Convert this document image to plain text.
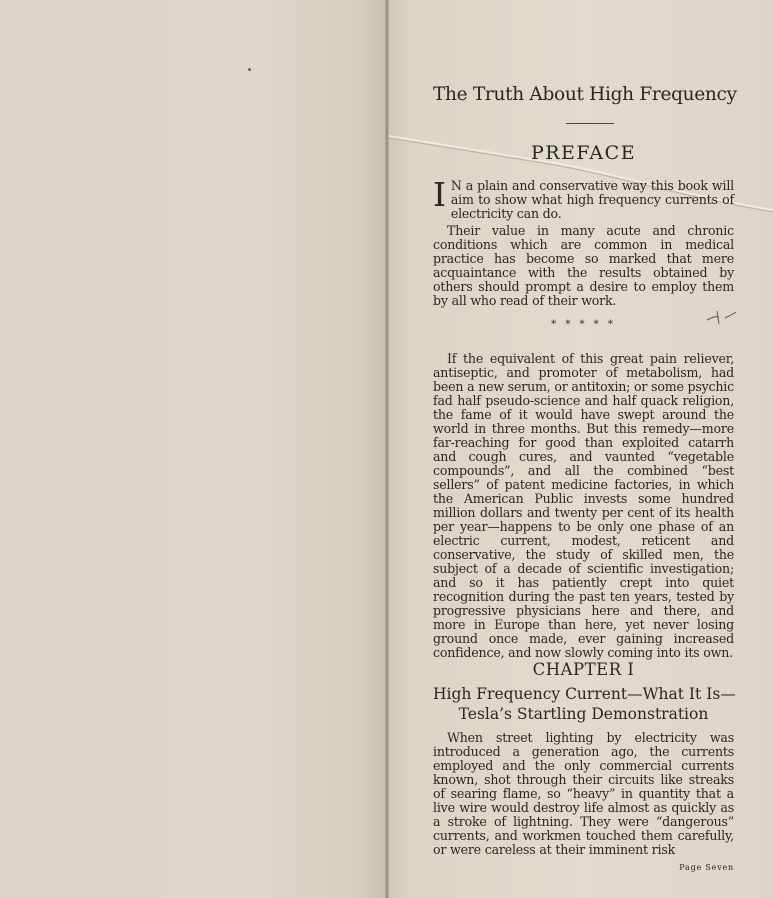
The Truth About High Frequency
PREFACE

I N a plain and conservative way this book will aim to show what high frequency currents of electricity can do.

Their value in many acute and chronic conditions which are common in medical practice has become so marked that mere acquaintance with the results obtained by others should prompt a desire to employ them by all who read of their work.

* * * * *

If the equivalent of this great pain reliever, antiseptic, and promoter of metabolism, had been a new serum, or antitoxin; or some psychic fad half pseudo-science and half quack religion, the fame of it would have swept around the world in three months. But this remedy—more far-reaching for good than exploited catarrh and cough cures, and vaunted “vegetable compounds”, and all the combined “best sellers” of patent medicine factories, in which the American Public invests some hundred million dollars and twenty per cent of its health per year—happens to be only one phase of an electric current, modest, reticent and conservative, the study of skilled men, the subject of a decade of scientific investigation; and so it has patiently crept into quiet recognition during the past ten years, tested by progressive physicians here and there, and more in Europe than here, yet never losing ground once made, ever gaining increased confidence, and now slowly coming into its own.

CHAPTER I
High Frequency Current—What It Is—
Tesla’s Startling Demonstration

When street lighting by electricity was introduced a generation ago, the currents employed and the only commercial currents known, shot through their circuits like streaks of searing flame, so “heavy” in quantity that a live wire would destroy life almost as quickly as a stroke of lightning. They were “dangerous” currents, and workmen touched them carefully, or were careless at their imminent risk

Page Seven
